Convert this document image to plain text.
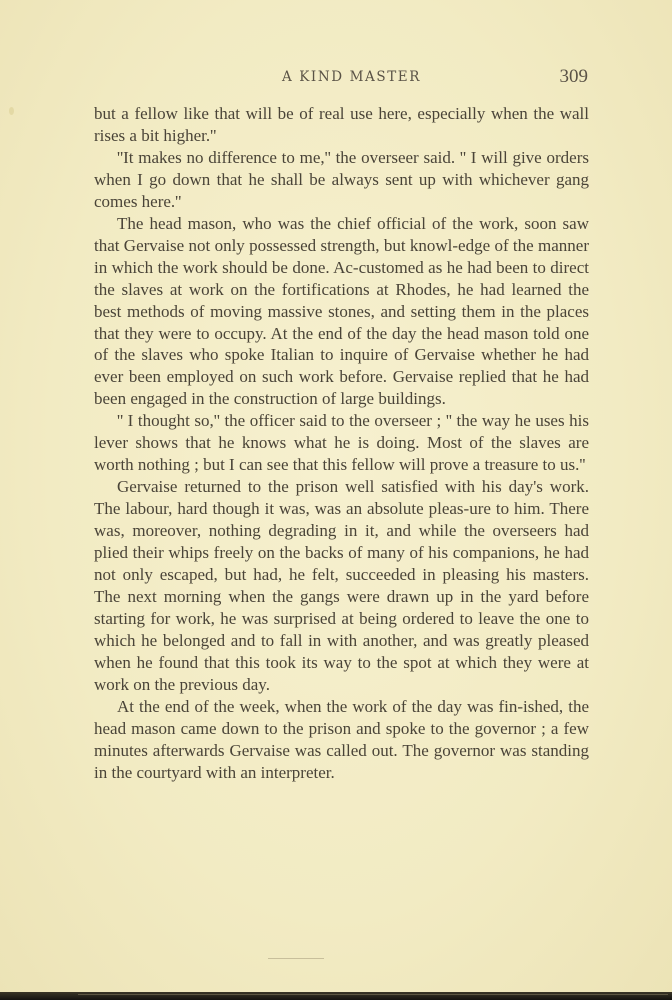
A KIND MASTER	309

but a fellow like that will be of real use here, especially when the wall rises a bit higher.''

''It makes no difference to me,'' the overseer said. '' I will give orders when I go down that he shall be always sent up with whichever gang comes here.''

The head mason, who was the chief official of the work, soon saw that Gervaise not only possessed strength, but knowl-edge of the manner in which the work should be done. Ac-customed as he had been to direct the slaves at work on the fortifications at Rhodes, he had learned the best methods of moving massive stones, and setting them in the places that they were to occupy. At the end of the day the head mason told one of the slaves who spoke Italian to inquire of Gervaise whether he had ever been employed on such work before. Gervaise replied that he had been engaged in the construction of large buildings.

'' I thought so,'' the officer said to the overseer ; '' the way he uses his lever shows that he knows what he is doing. Most of the slaves are worth nothing ; but I can see that this fellow will prove a treasure to us.''

Gervaise returned to the prison well satisfied with his day's work. The labour, hard though it was, was an absolute pleas-ure to him. There was, moreover, nothing degrading in it, and while the overseers had plied their whips freely on the backs of many of his companions, he had not only escaped, but had, he felt, succeeded in pleasing his masters. The next morning when the gangs were drawn up in the yard before starting for work, he was surprised at being ordered to leave the one to which he belonged and to fall in with another, and was greatly pleased when he found that this took its way to the spot at which they were at work on the previous day.

At the end of the week, when the work of the day was fin-ished, the head mason came down to the prison and spoke to the governor ; a few minutes afterwards Gervaise was called out. The governor was standing in the courtyard with an interpreter.
